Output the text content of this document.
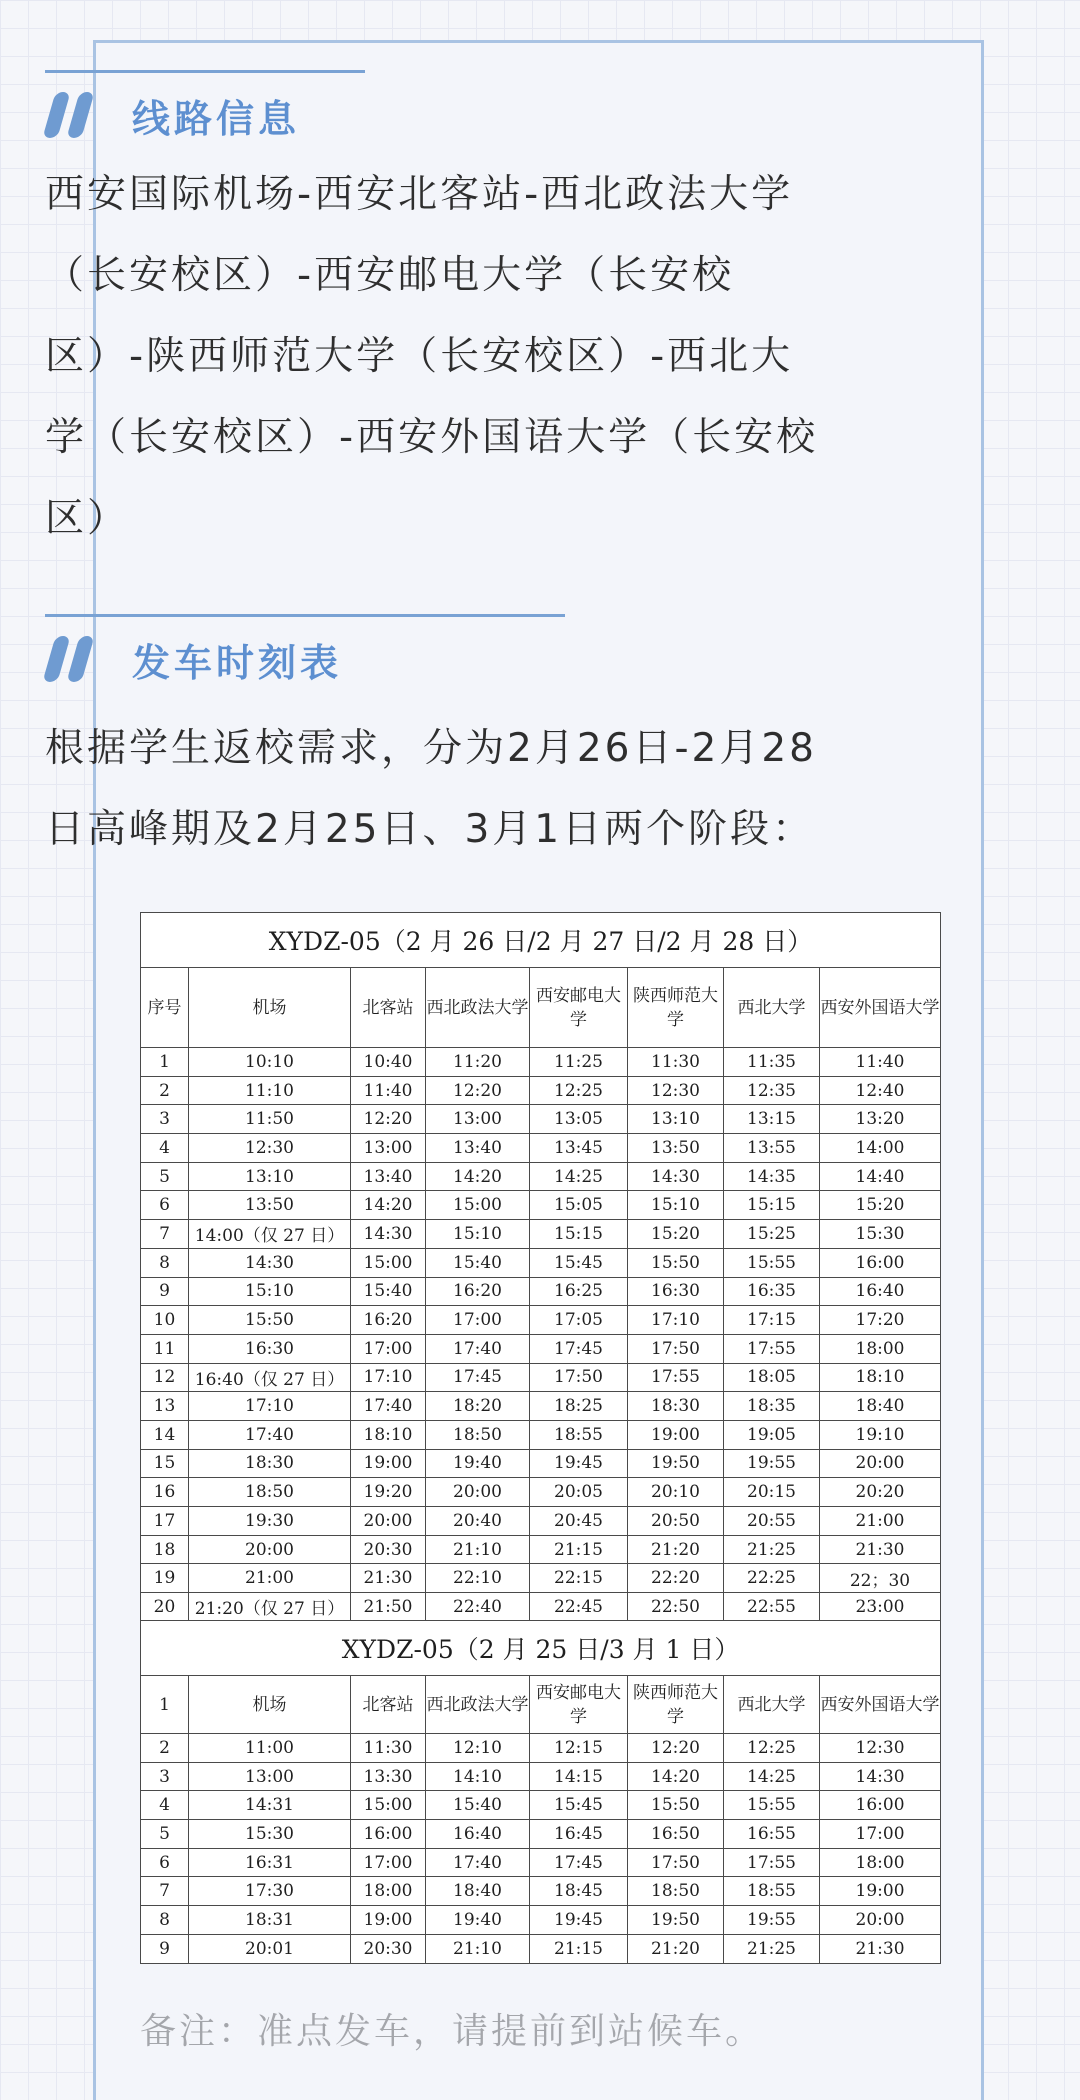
线路信息

西安国际机场-西安北客站-西北政法大学

（长安校区）-西安邮电大学（长安校

区）-陕西师范大学（长安校区）-西北大

学（长安校区）-西安外国语大学（长安校

区）

发车时刻表

根据学生返校需求，分为2月26日-2月28

日高峰期及2月25日、3月1日两个阶段：

XYDZ-05（2 月 26 日/2 月 27 日/2 月 28 日）							
序号	机场	北客站	西北政法大学	西安邮电大学	陕西师范大学	西北大学	西安外国语大学
1	10:10	10:40	11:20	11:25	11:30	11:35	11:40
2	11:10	11:40	12:20	12:25	12:30	12:35	12:40
3	11:50	12:20	13:00	13:05	13:10	13:15	13:20
4	12:30	13:00	13:40	13:45	13:50	13:55	14:00
5	13:10	13:40	14:20	14:25	14:30	14:35	14:40
6	13:50	14:20	15:00	15:05	15:10	15:15	15:20
7	14:00（仅 27 日）	14:30	15:10	15:15	15:20	15:25	15:30
8	14:30	15:00	15:40	15:45	15:50	15:55	16:00
9	15:10	15:40	16:20	16:25	16:30	16:35	16:40
10	15:50	16:20	17:00	17:05	17:10	17:15	17:20
11	16:30	17:00	17:40	17:45	17:50	17:55	18:00
12	16:40（仅 27 日）	17:10	17:45	17:50	17:55	18:05	18:10
13	17:10	17:40	18:20	18:25	18:30	18:35	18:40
14	17:40	18:10	18:50	18:55	19:00	19:05	19:10
15	18:30	19:00	19:40	19:45	19:50	19:55	20:00
16	18:50	19:20	20:00	20:05	20:10	20:15	20:20
17	19:30	20:00	20:40	20:45	20:50	20:55	21:00
18	20:00	20:30	21:10	21:15	21:20	21:25	21:30
19	21:00	21:30	22:10	22:15	22:20	22:25	22；30
20	21:20（仅 27 日）	21:50	22:40	22:45	22:50	22:55	23:00
XYDZ-05（2 月 25 日/3 月 1 日）							
1	机场	北客站	西北政法大学	西安邮电大学	陕西师范大学	西北大学	西安外国语大学
2	11:00	11:30	12:10	12:15	12:20	12:25	12:30
3	13:00	13:30	14:10	14:15	14:20	14:25	14:30
4	14:31	15:00	15:40	15:45	15:50	15:55	16:00
5	15:30	16:00	16:40	16:45	16:50	16:55	17:00
6	16:31	17:00	17:40	17:45	17:50	17:55	18:00
7	17:30	18:00	18:40	18:45	18:50	18:55	19:00
8	18:31	19:00	19:40	19:45	19:50	19:55	20:00
9	20:01	20:30	21:10	21:15	21:20	21:25	21:30
备注：准点发车，请提前到站候车。
